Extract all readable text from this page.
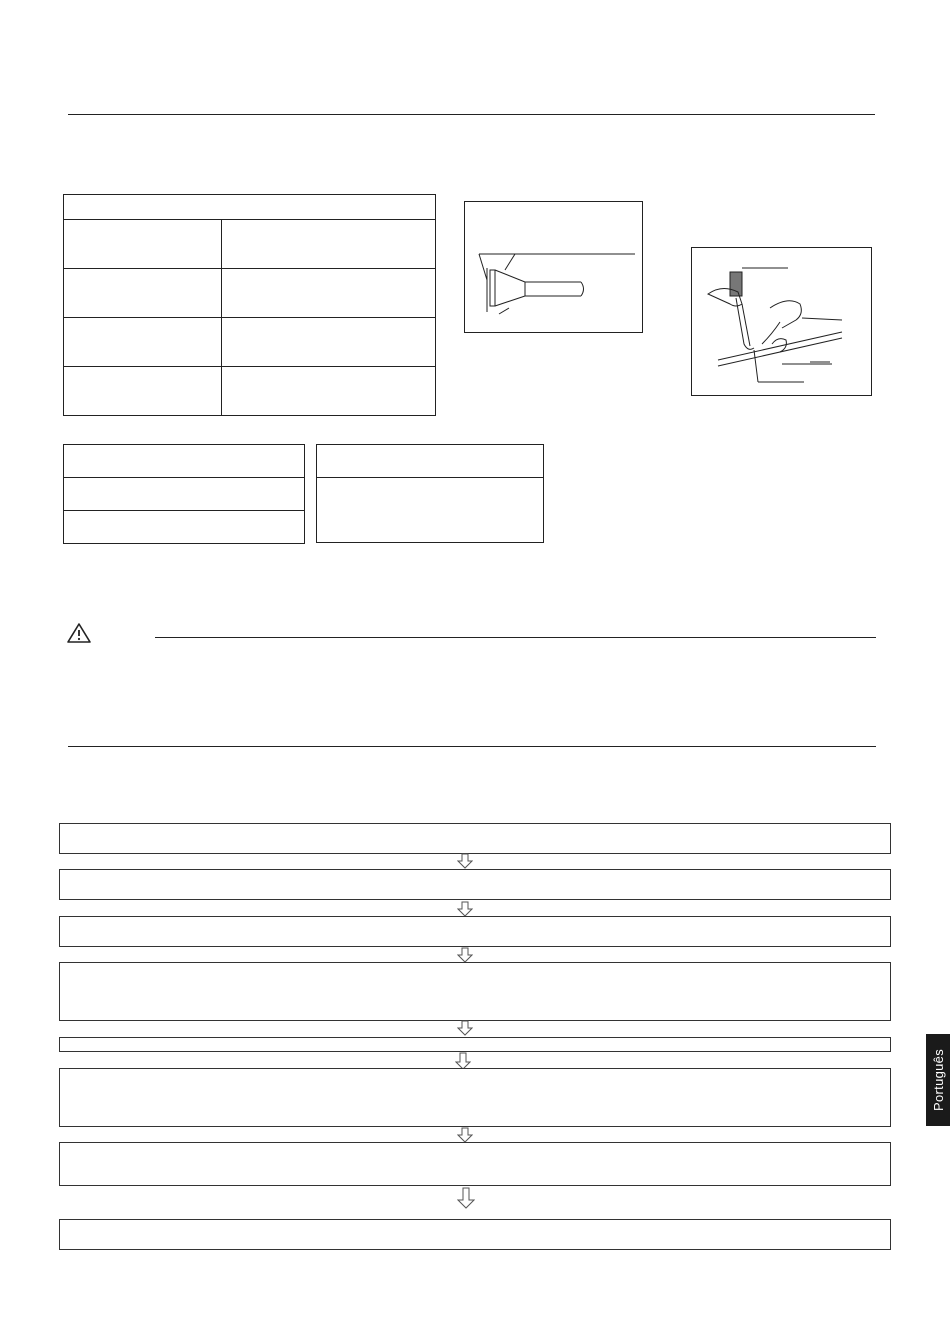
Português
